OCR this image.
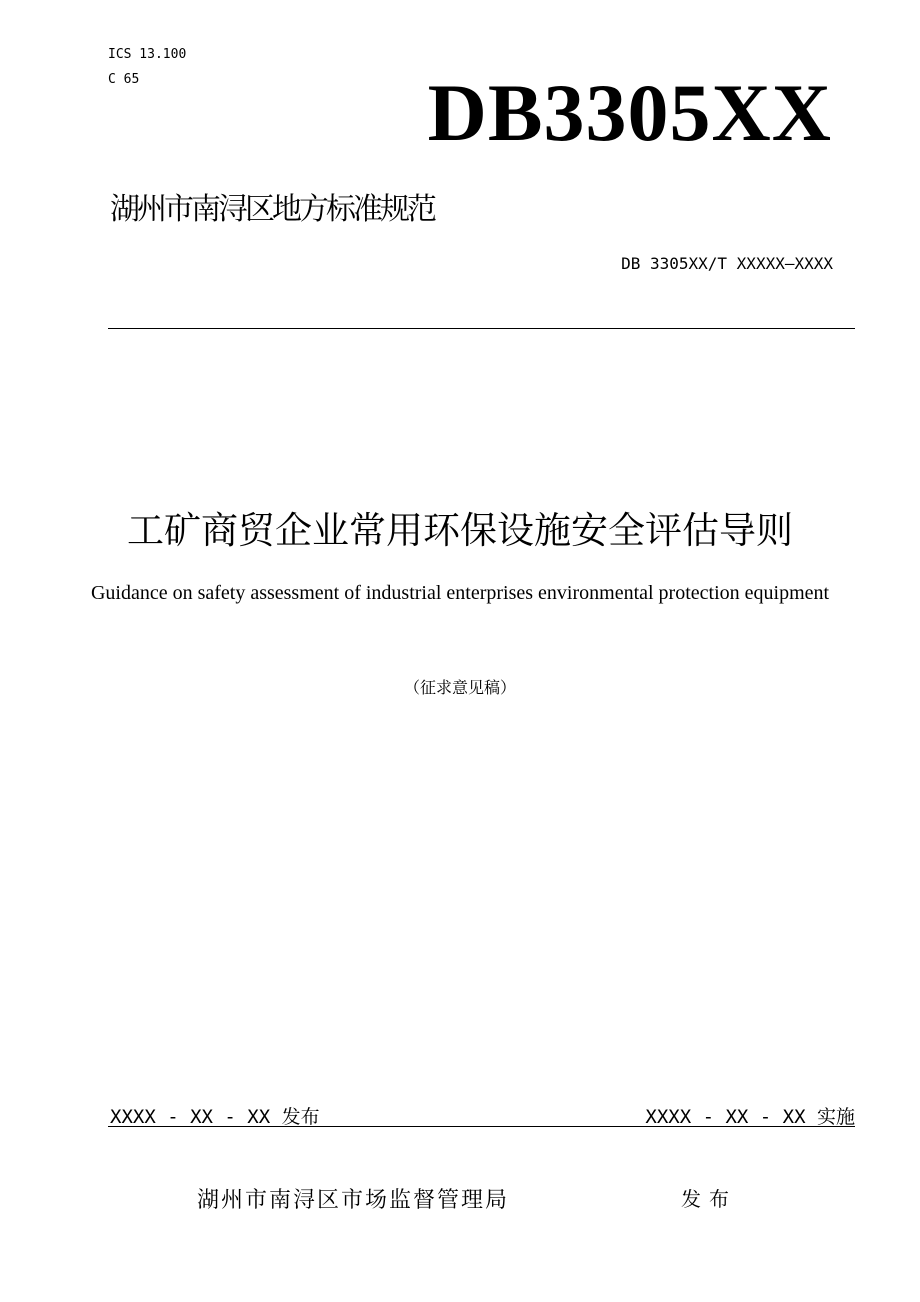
ICS 13.100
C 65	DB3305XX
湖州市南浔区地方标准规范
DB 3305XX/T XXXXX—XXXX
工矿商贸企业常用环保设施安全评估导则
Guidance on safety assessment of industrial enterprises environmental protection equipment
（征求意见稿）
XXXX - XX - XX 发布	XXXX - XX - XX 实施
湖州市南浔区市场监督管理局	发布
